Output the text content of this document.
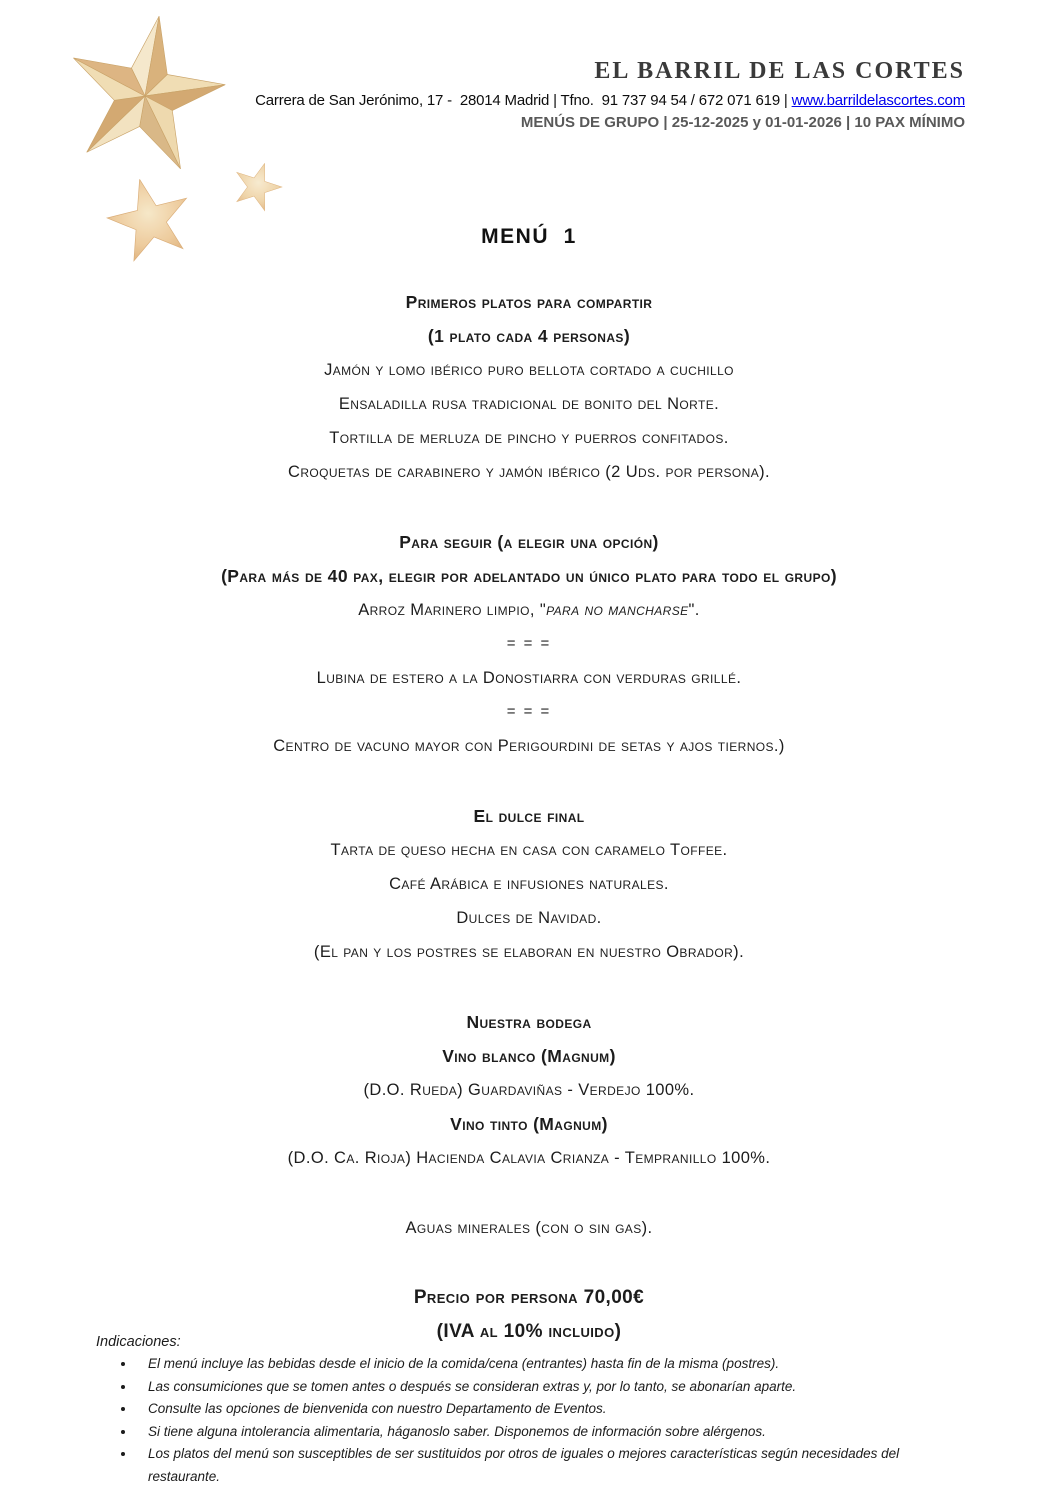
EL BARRIL DE LAS CORTES
Carrera de San Jerónimo, 17 -  28014 Madrid | Tfno.  91 737 94 54 / 672 071 619 | www.barrildelascortes.com
MENÚS DE GRUPO | 25-12-2025 y 01-01-2026 | 10 PAX MÍNIMO
MENÚ  1
Primeros platos para compartir
(1 plato cada 4 personas)
Jamón y lomo ibérico puro bellota cortado a cuchillo
Ensaladilla rusa tradicional de bonito del Norte.
Tortilla de merluza de pincho y puerros confitados.
Croquetas de carabinero y jamón ibérico (2 Uds. por persona).
Para seguir (a elegir una opción)
(Para más de 40 pax, elegir por adelantado un único plato para todo el grupo)
Arroz Marinero limpio, "para no mancharse".
= = =
Lubina de estero a la Donostiarra con verduras grillé.
= = =
Centro de vacuno mayor con Perigourdini de setas y ajos tiernos.)
El dulce final
Tarta de queso hecha en casa con caramelo Toffee.
Café Arábica e infusiones naturales.
Dulces de Navidad.
(El pan y los postres se elaboran en nuestro Obrador).
Nuestra bodega
Vino blanco (Magnum)
(D.O. Rueda) Guardaviñas - Verdejo 100%.
Vino tinto (Magnum)
(D.O. Ca. Rioja) Hacienda Calavia Crianza - Tempranillo 100%.
Aguas minerales (con o sin gas).
Precio por persona 70,00€
(IVA al 10% incluido)
Indicaciones:
• El menú incluye las bebidas desde el inicio de la comida/cena (entrantes) hasta fin de la misma (postres).
• Las consumiciones que se tomen antes o después se consideran extras y, por lo tanto, se abonarían aparte.
• Consulte las opciones de bienvenida con nuestro Departamento de Eventos.
• Si tiene alguna intolerancia alimentaria, háganoslo saber. Disponemos de información sobre alérgenos.
• Los platos del menú son susceptibles de ser sustituidos por otros de iguales o mejores características según necesidades del restaurante.
